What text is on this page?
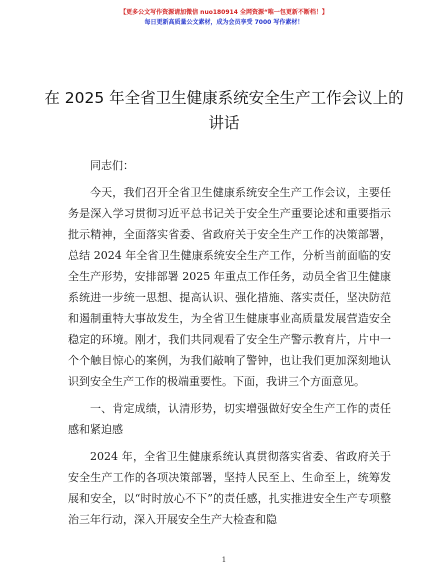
【更多公文写作资源请加微信 nuo180914 全网资源“唯一包更新不断档！】
每日更新高质量公文素材，成为会员享受 7000 写作素材！
在 2025 年全省卫生健康系统安全生产工作会议上的讲话

同志们：

今天，我们召开全省卫生健康系统安全生产工作会议，主要任务是深入学习贯彻习近平总书记关于安全生产重要论述和重要指示批示精神，全面落实省委、省政府关于安全生产工作的决策部署，总结 2024 年全省卫生健康系统安全生产工作，分析当前面临的安全生产形势，安排部署 2025 年重点工作任务，动员全省卫生健康系统进一步统一思想、提高认识、强化措施、落实责任，坚决防范和遏制重特大事故发生，为全省卫生健康事业高质量发展营造安全稳定的环境。刚才，我们共同观看了安全生产警示教育片，片中一个个触目惊心的案例，为我们敲响了警钟，也让我们更加深刻地认识到安全生产工作的极端重要性。下面，我讲三个方面意见。

一、肯定成绩，认清形势，切实增强做好安全生产工作的责任感和紧迫感

2024 年，全省卫生健康系统认真贯彻落实省委、省政府关于安全生产工作的各项决策部署，坚持人民至上、生命至上，统筹发展和安全，以“时时放心不下”的责任感，扎实推进安全生产专项整治三年行动，深入开展安全生产大检查和隐

1
